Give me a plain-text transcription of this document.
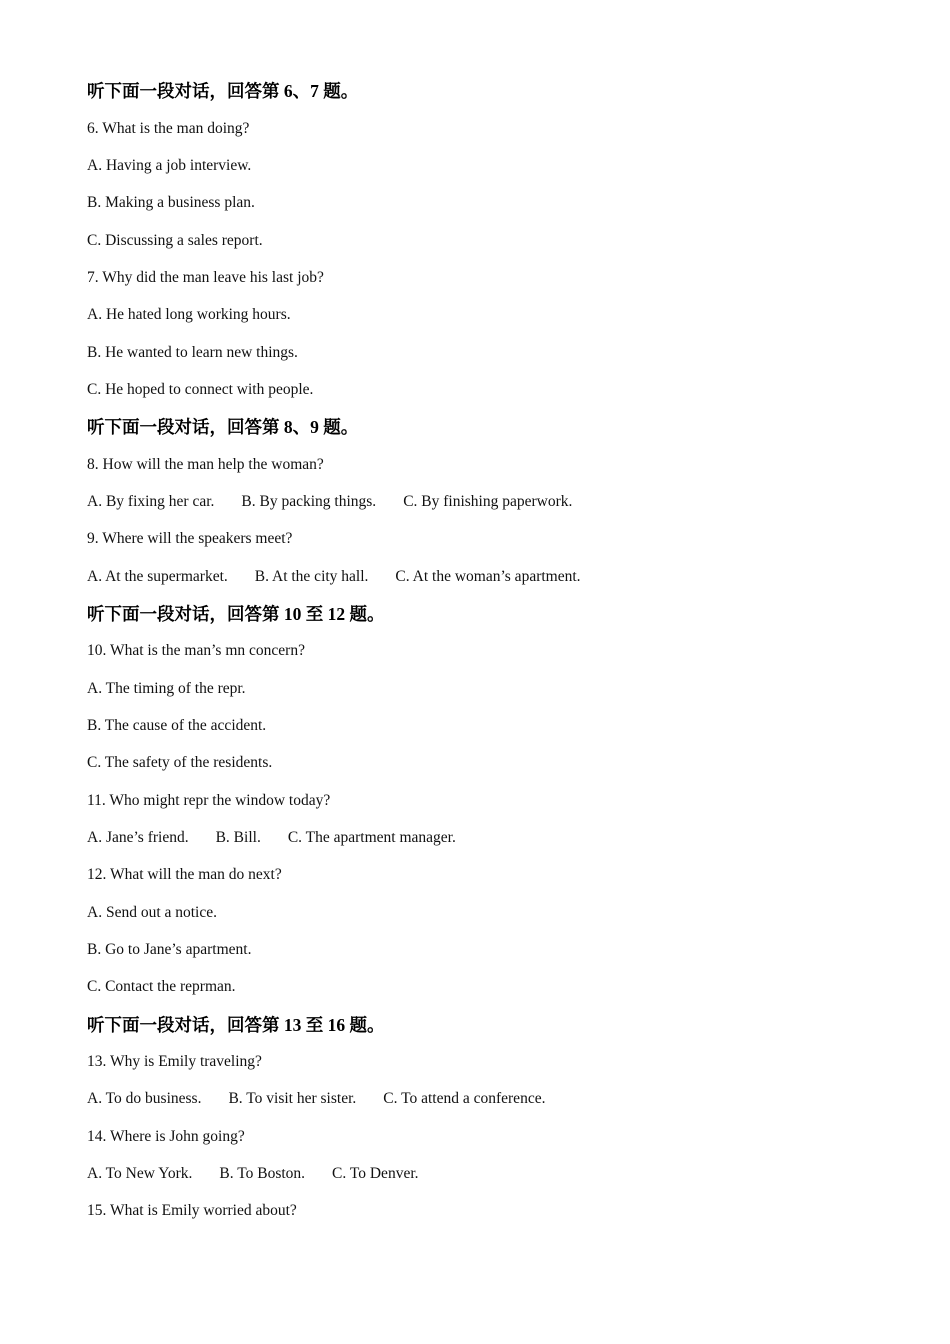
听下面一段对话，回答第 6、7 题。
6. What is the man doing?
A. Having a job interview.
B. Making a business plan.
C. Discussing a sales report.
7. Why did the man leave his last job?
A. He hated long working hours.
B. He wanted to learn new things.
C. He hoped to connect with people.
听下面一段对话，回答第 8、9 题。
8. How will the man help the woman?
A. By fixing her car. B. By packing things. C. By finishing paperwork.
9. Where will the speakers meet?
A. At the supermarket. B. At the city hall. C. At the woman’s apartment.
听下面一段对话，回答第 10 至 12 题。
10. What is the man’s mn concern?
A. The timing of the repr.
B. The cause of the accident.
C. The safety of the residents.
11. Who might repr the window today?
A. Jane’s friend. B. Bill. C. The apartment manager.
12. What will the man do next?
A. Send out a notice.
B. Go to Jane’s apartment.
C. Contact the reprman.
听下面一段对话，回答第 13 至 16 题。
13. Why is Emily traveling?
A. To do business. B. To visit her sister. C. To attend a conference.
14. Where is John going?
A. To New York. B. To Boston. C. To Denver.
15. What is Emily worried about?
